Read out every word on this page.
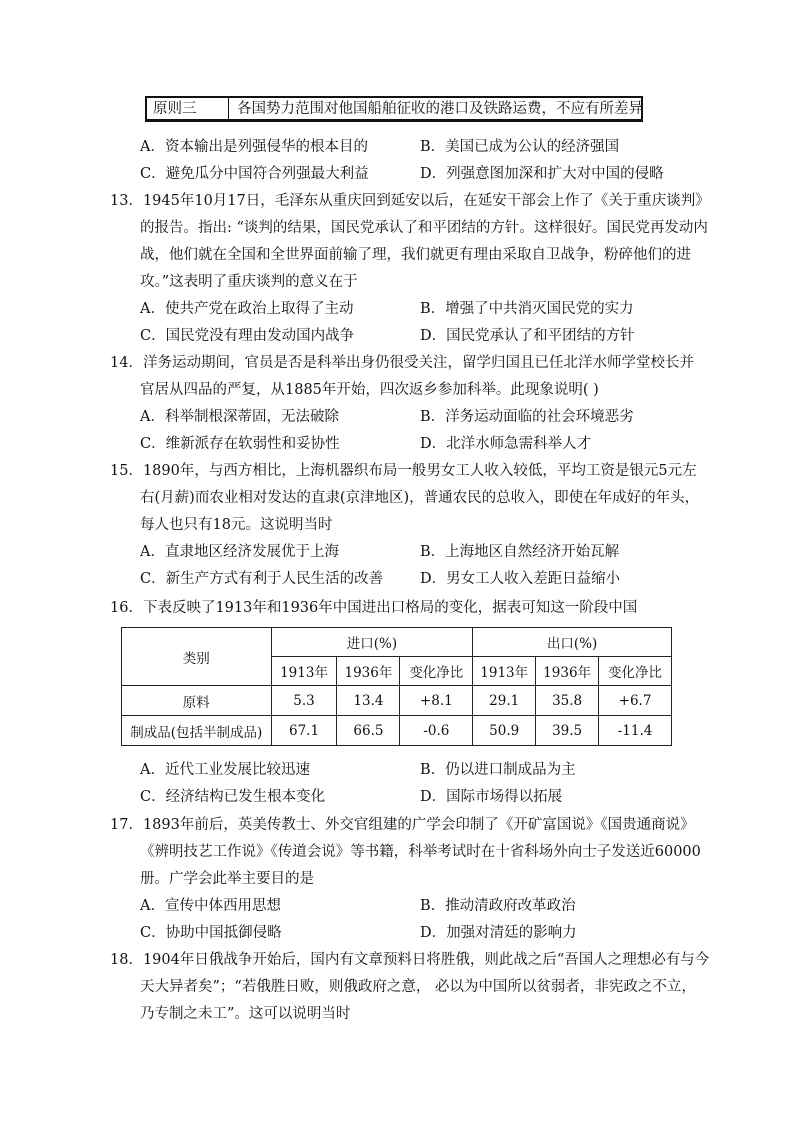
原则三	各国势力范围对他国船舶征收的港口及铁路运费，不应有所差异
A．资本输出是列强侵华的根本目的	B．美国已成为公认的经济强国
C．避免瓜分中国符合列强最大利益	D．列强意图加深和扩大对中国的侵略
13．1945年10月17日，毛泽东从重庆回到延安以后，在延安干部会上作了《关于重庆谈判》
的报告。指出: “谈判的结果，国民党承认了和平团结的方针。这样很好。国民党再发动内
战，他们就在全国和全世界面前输了理，我们就更有理由采取自卫战争，粉碎他们的进
攻。”这表明了重庆谈判的意义在于
A．使共产党在政治上取得了主动	B．增强了中共消灭国民党的实力
C．国民党没有理由发动国内战争	D．国民党承认了和平团结的方针
14．洋务运动期间，官员是否是科举出身仍很受关注，留学归国且已任北洋水师学堂校长并
官居从四品的严复，从1885年开始，四次返乡参加科举。此现象说明( )
A．科举制根深蒂固，无法破除	B．洋务运动面临的社会环境恶劣
C．维新派存在软弱性和妥协性	D．北洋水师急需科举人才
15．1890年，与西方相比，上海机器织布局一般男女工人收入较低，平均工资是银元5元左
右(月薪)而农业相对发达的直隶(京津地区)，普通农民的总收入，即使在年成好的年头，
每人也只有18元。这说明当时
A．直隶地区经济发展优于上海	B．上海地区自然经济开始瓦解
C．新生产方式有利于人民生活的改善	D．男女工人收入差距日益缩小
16．下表反映了1913年和1936年中国进出口格局的变化，据表可知这一阶段中国
类别	进口(%)			出口(%)		
	1913年	1936年	变化净比	1913年	1936年	变化净比
原料	5.3	13.4	+8.1	29.1	35.8	+6.7
制成品(包括半制成品)	67.1	66.5	-0.6	50.9	39.5	-11.4
A．近代工业发展比较迅速	B．仍以进口制成品为主
C．经济结构已发生根本变化	D．国际市场得以拓展
17．1893年前后，英美传教士、外交官组建的广学会印制了《开矿富国说》《国贵通商说》
《辨明技艺工作说》《传道会说》等书籍，科举考试时在十省科场外向士子发送近60000
册。广学会此举主要目的是
A．宣传中体西用思想	B．推动清政府改革政治
C．协助中国抵御侵略	D．加强对清廷的影响力
18．1904年日俄战争开始后，国内有文章预料日将胜俄，则此战之后“吾国人之理想必有与今
天大异者矣”；“若俄胜日败，则俄政府之意， 必以为中国所以贫弱者，非宪政之不立，
乃专制之未工”。这可以说明当时
